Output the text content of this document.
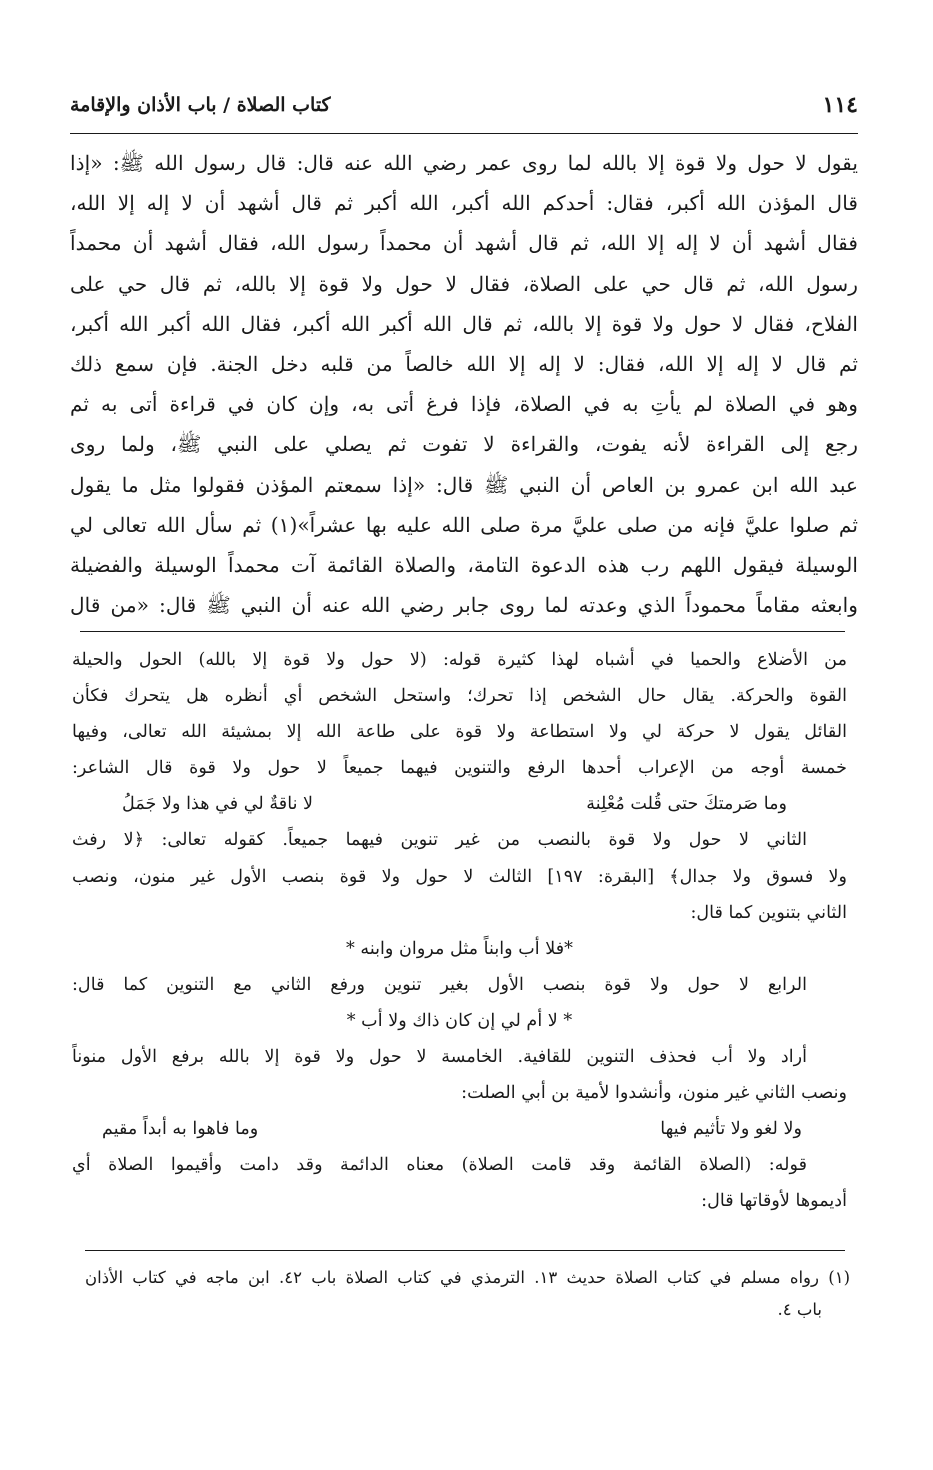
١١٤
كتاب الصلاة / باب الأذان والإقامة
يقول لا حول ولا قوة إلا بالله لما روى عمر رضي الله عنه قال: قال رسول الله ﷺ: «إذا
قال المؤذن الله أكبر، فقال: أحدكم الله أكبر، الله أكبر ثم قال أشهد أن لا إله إلا الله،
فقال أشهد أن لا إله إلا الله، ثم قال أشهد أن محمداً رسول الله، فقال أشهد أن محمداً
رسول الله، ثم قال حي على الصلاة، فقال لا حول ولا قوة إلا بالله، ثم قال حي على
الفلاح، فقال لا حول ولا قوة إلا بالله، ثم قال الله أكبر الله أكبر، فقال الله أكبر الله أكبر،
ثم قال لا إله إلا الله، فقال: لا إله إلا الله خالصاً من قلبه دخل الجنة. فإن سمع ذلك
وهو في الصلاة لم يأتِ به في الصلاة، فإذا فرغ أتى به، وإن كان في قراءة أتى به ثم
رجع إلى القراءة لأنه يفوت، والقراءة لا تفوت ثم يصلي على النبي ﷺ، ولما روى
عبد الله ابن عمرو بن العاص أن النبي ﷺ قال: «إذا سمعتم المؤذن فقولوا مثل ما يقول
ثم صلوا عليَّ فإنه من صلى عليَّ مرة صلى الله عليه بها عشراً»(١) ثم سأل الله تعالى لي
الوسيلة فيقول اللهم رب هذه الدعوة التامة، والصلاة القائمة آت محمداً الوسيلة والفضيلة
وابعثه مقاماً محموداً الذي وعدته لما روى جابر رضي الله عنه أن النبي ﷺ قال: «من قال
من الأضلاع والحميا في أشباه لهذا كثيرة قوله: (لا حول ولا قوة إلا بالله) الحول والحيلة
القوة والحركة. يقال حال الشخص إذا تحرك؛ واستحل الشخص أي أنظره هل يتحرك فكأن
القائل يقول لا حركة لي ولا استطاعة ولا قوة على طاعة الله إلا بمشيئة الله تعالى، وفيها
خمسة أوجه من الإعراب أحدها الرفع والتنوين فيهما جميعاً لا حول ولا قوة قال الشاعر:
وما صَرمتكَ حتى قُلت مُعْلِنة
لا ناقةٌ لي في هذا ولا جَمَلُ
الثاني لا حول ولا قوة بالنصب من غير تنوين فيهما جميعاً. كقوله تعالى: ﴿لا رفث
ولا فسوق ولا جدال﴾ [البقرة: ١٩٧] الثالث لا حول ولا قوة بنصب الأول غير منون، ونصب
الثاني بتنوين كما قال:
*فلا أب وابناً مثل مروان وابنه *
الرابع لا حول ولا قوة بنصب الأول بغير تنوين ورفع الثاني مع التنوين كما قال:
* لا أم لي إن كان ذاك ولا أب *
أراد ولا أب فحذف التنوين للقافية. الخامسة لا حول ولا قوة إلا بالله برفع الأول منوناً
ونصب الثاني غير منون، وأنشدوا لأمية بن أبي الصلت:
ولا لغو ولا تأثيم فيها
وما فاهوا به أبداً مقيم
قوله: (الصلاة القائمة وقد قامت الصلاة) معناه الدائمة وقد دامت وأقيموا الصلاة أي
أديموها لأوقاتها قال:
(١) رواه مسلم في كتاب الصلاة حديث ١٣. الترمذي في كتاب الصلاة باب ٤٢. ابن ماجه في كتاب الأذان
باب ٤.
